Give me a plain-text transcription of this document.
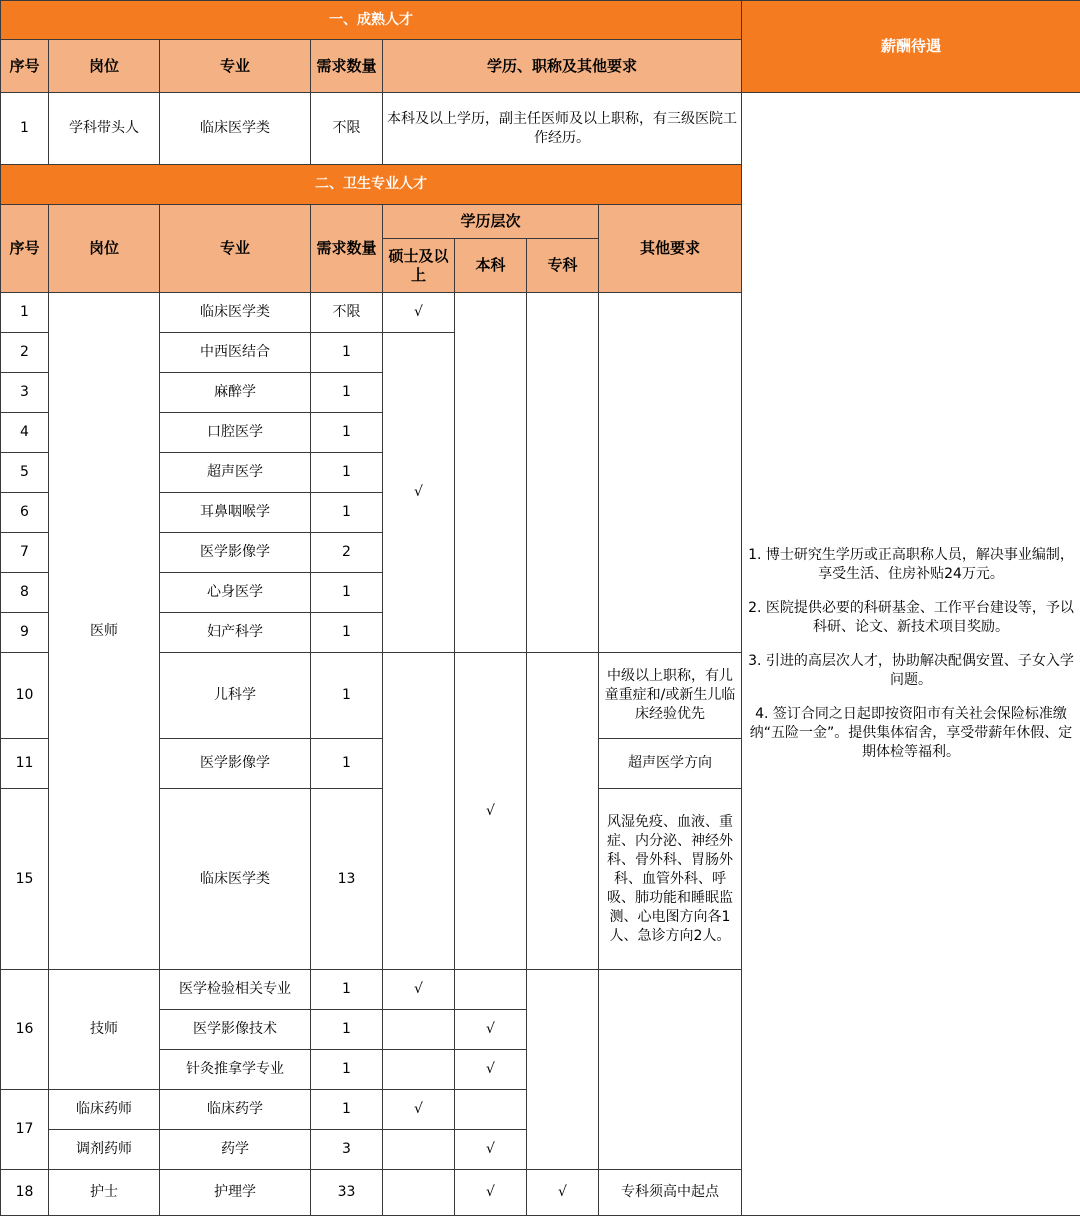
一、成熟人才								薪酬待遇
序号	岗位	专业	需求数量	学历、职称及其他要求				
1	学科带头人	临床医学类	不限	本科及以上学历，副主任医师及以上职称，有三级医院工作经历。				1. 博士研究生学历或正高职称人员，解决事业编制，享受生活、住房补贴24万元。
2. 医院提供必要的科研基金、工作平台建设等，予以科研、论文、新技术项目奖励。
3. 引进的高层次人才，协助解决配偶安置、子女入学问题。
4. 签订合同之日起即按资阳市有关社会保险标准缴纳“五险一金”。提供集体宿舍，享受带薪年休假、定期体检等福利。

二、卫生专业人才								
序号	岗位	专业	需求数量	学历层次			其他要求	
				硕士及以上	本科	专科		
1	医师	临床医学类	不限	√				
2		中西医结合	1	√				
3		麻醉学	1					
4		口腔医学	1					
5		超声医学	1					
6		耳鼻咽喉学	1					
7		医学影像学	2					
8		心身医学	1					
9		妇产科学	1					
10		儿科学	1		√		中级以上职称，有儿童重症和/或新生儿临床经验优先	
11		医学影像学	1				超声医学方向	
15		临床医学类	13				风湿免疫、血液、重症、内分泌、神经外科、骨外科、胃肠外科、血管外科、呼吸、肺功能和睡眠监测、心电图方向各1人、急诊方向2人。	
16	技师	医学检验相关专业	1	√				
		医学影像技术	1		√			
		针灸推拿学专业	1		√			
17	临床药师	临床药学	1	√				
	调剂药师	药学	3		√			
18	护士	护理学	33		√	√	专科须高中起点	
